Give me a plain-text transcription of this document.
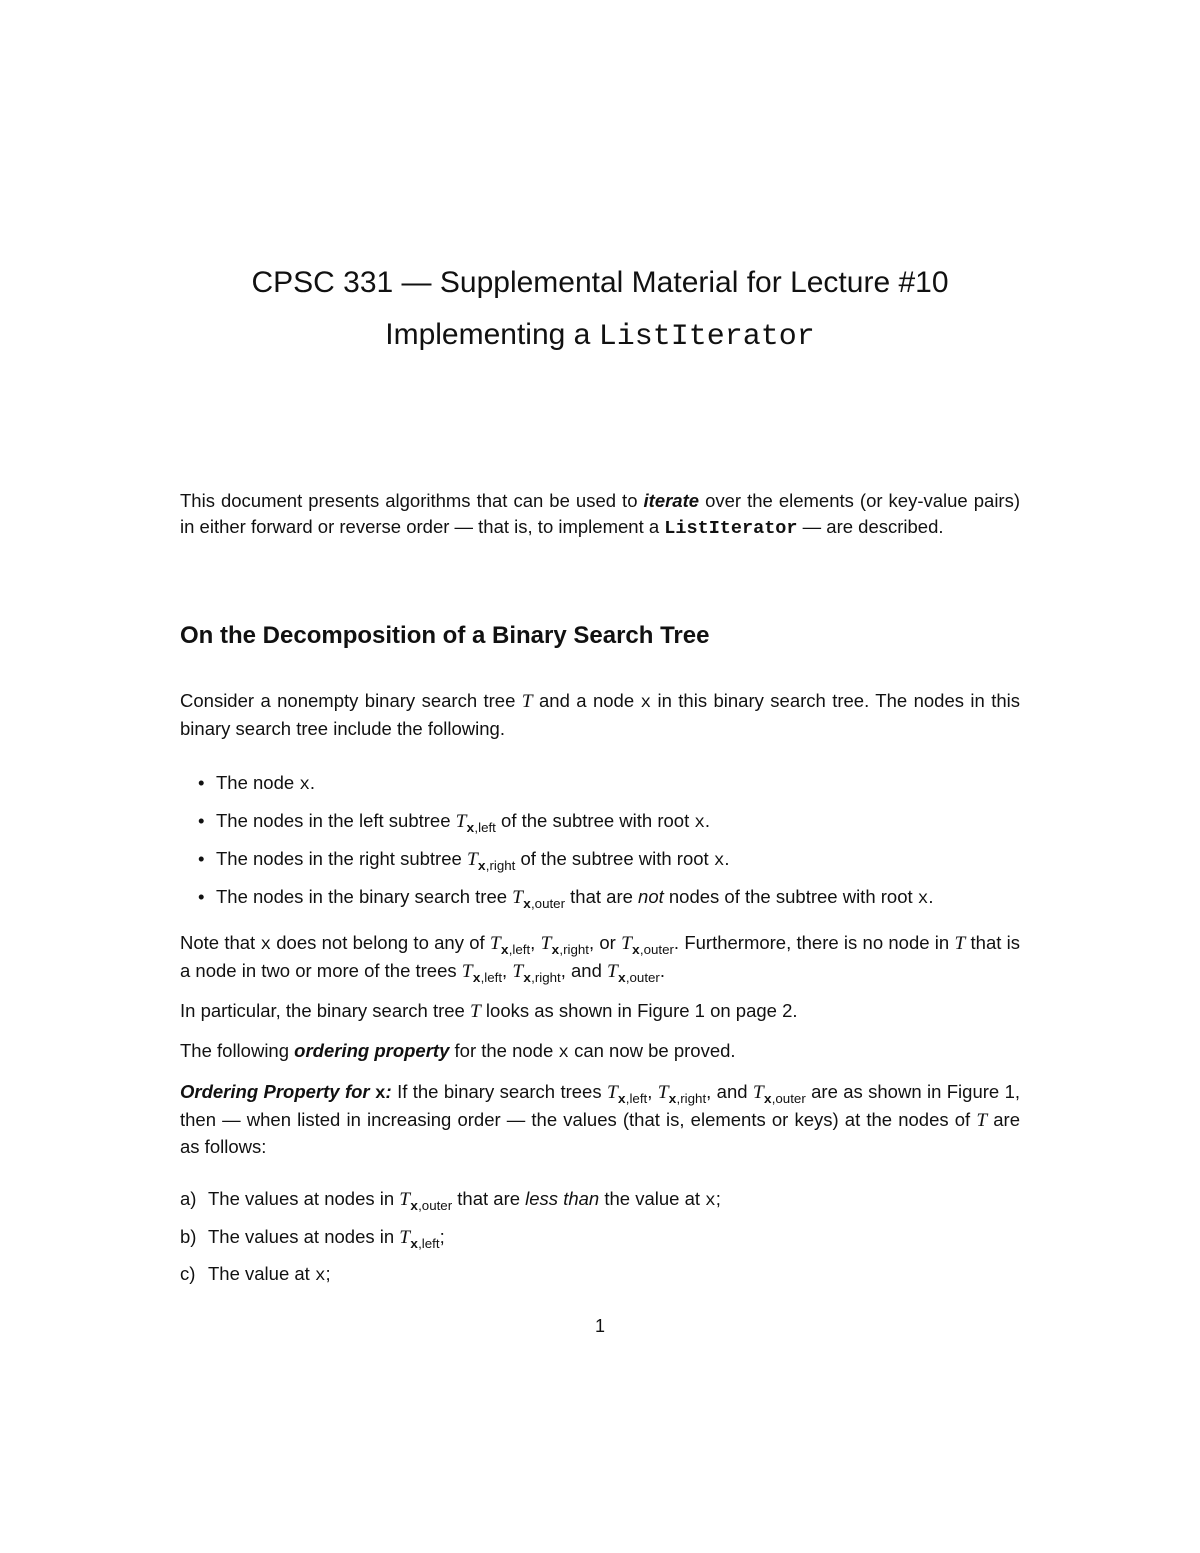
CPSC 331 — Supplemental Material for Lecture #10
Implementing a ListIterator

This document presents algorithms that can be used to iterate over the elements (or key-value pairs) in either forward or reverse order — that is, to implement a ListIterator — are described.

On the Decomposition of a Binary Search Tree

Consider a nonempty binary search tree T and a node x in this binary search tree. The nodes in this binary search tree include the following.

• The node x.
• The nodes in the left subtree $T_{x,left}$ of the subtree with root x.
• The nodes in the right subtree $T_{x,right}$ of the subtree with root x.
• The nodes in the binary search tree $T_{x,outer}$ that are not nodes of the subtree with root x.

Note that x does not belong to any of $T_{x,left}$, $T_{x,right}$, or $T_{x,outer}$. Furthermore, there is no node in T that is a node in two or more of the trees $T_{x,left}$, $T_{x,right}$, and $T_{x,outer}$.

In particular, the binary search tree T looks as shown in Figure 1 on page 2.

The following ordering property for the node x can now be proved.

Ordering Property for x: If the binary search trees $T_{x,left}$, $T_{x,right}$, and $T_{x,outer}$ are as shown in Figure 1, then — when listed in increasing order — the values (that is, elements or keys) at the nodes of T are as follows:

a) The values at nodes in $T_{x,outer}$ that are less than the value at x;
b) The values at nodes in $T_{x,left}$;
c) The value at x;
1
